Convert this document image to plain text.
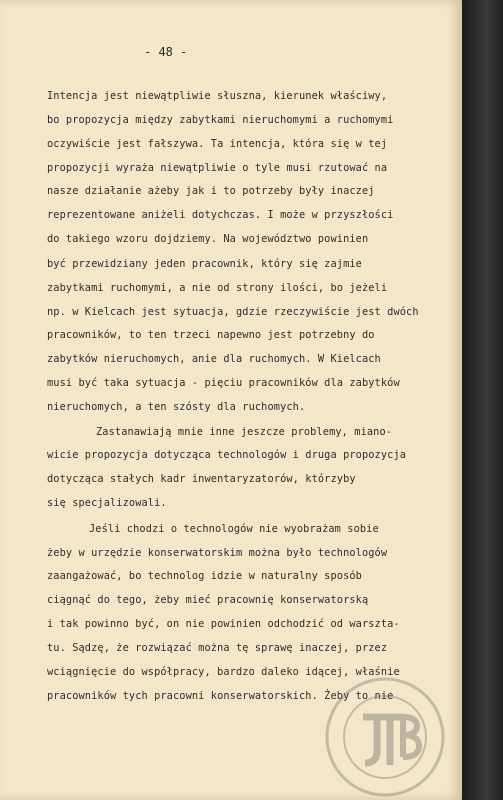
- 48 -
Intencja jest niewątpliwie słuszna, kierunek właściwy,
bo propozycja między zabytkami nieruchomymi a ruchomymi
oczywiście jest fałszywa. Ta intencja, która się w tej
propozycji wyraża niewątpliwie o tyle musi rzutować na
nasze działanie ażeby jak i to potrzeby były inaczej
reprezentowane aniżeli dotychczas. I może w przyszłości
do takiego wzoru dojdziemy. Na województwo powinien
być przewidziany jeden pracownik, który się zajmie
zabytkami ruchomymi, a nie od strony ilości, bo jeżeli
np. w Kielcach jest sytuacja, gdzie rzeczywiście jest dwóch
pracowników, to ten trzeci napewno jest potrzebny do
zabytków nieruchomych, anie dla ruchomych. W Kielcach
musi być taka sytuacja - pięciu pracowników dla zabytków
nieruchomych, a ten szósty dla ruchomych.
Zastanawiają mnie inne jeszcze problemy, miano-
wicie propozycja dotycząca technologów i druga propozycja
dotycząca stałych kadr inwentaryzatorów, którzyby
się specjalizowali.
Jeśli chodzi o technologów nie wyobrażam sobie
żeby w urzędzie konserwatorskim można było technologów
zaangażować, bo technolog idzie w naturalny sposób
ciągnąć do tego, żeby mieć pracownię konserwatorską
i tak powinno być, on nie powinien odchodzić od warszta-
tu. Sądzę, że rozwiązać można tę sprawę inaczej, przez
wciągnięcie do współpracy, bardzo daleko idącej, właśnie
pracowników tych pracowni konserwatorskich. Żeby to nie
